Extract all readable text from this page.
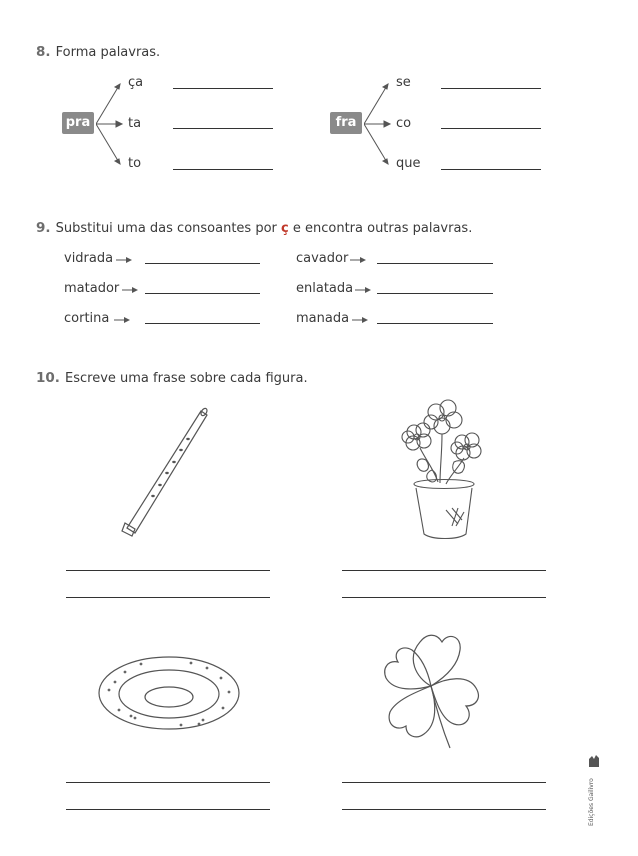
8. Forma palavras.
pra
ça
ta
to
fra
se
co
que
9. Substitui uma das consoantes por ç e encontra outras palavras.
vidrada
matador
cortina
cavador
enlatada
manada
10. Escreve uma frase sobre cada figura.
Edições Gailivro
